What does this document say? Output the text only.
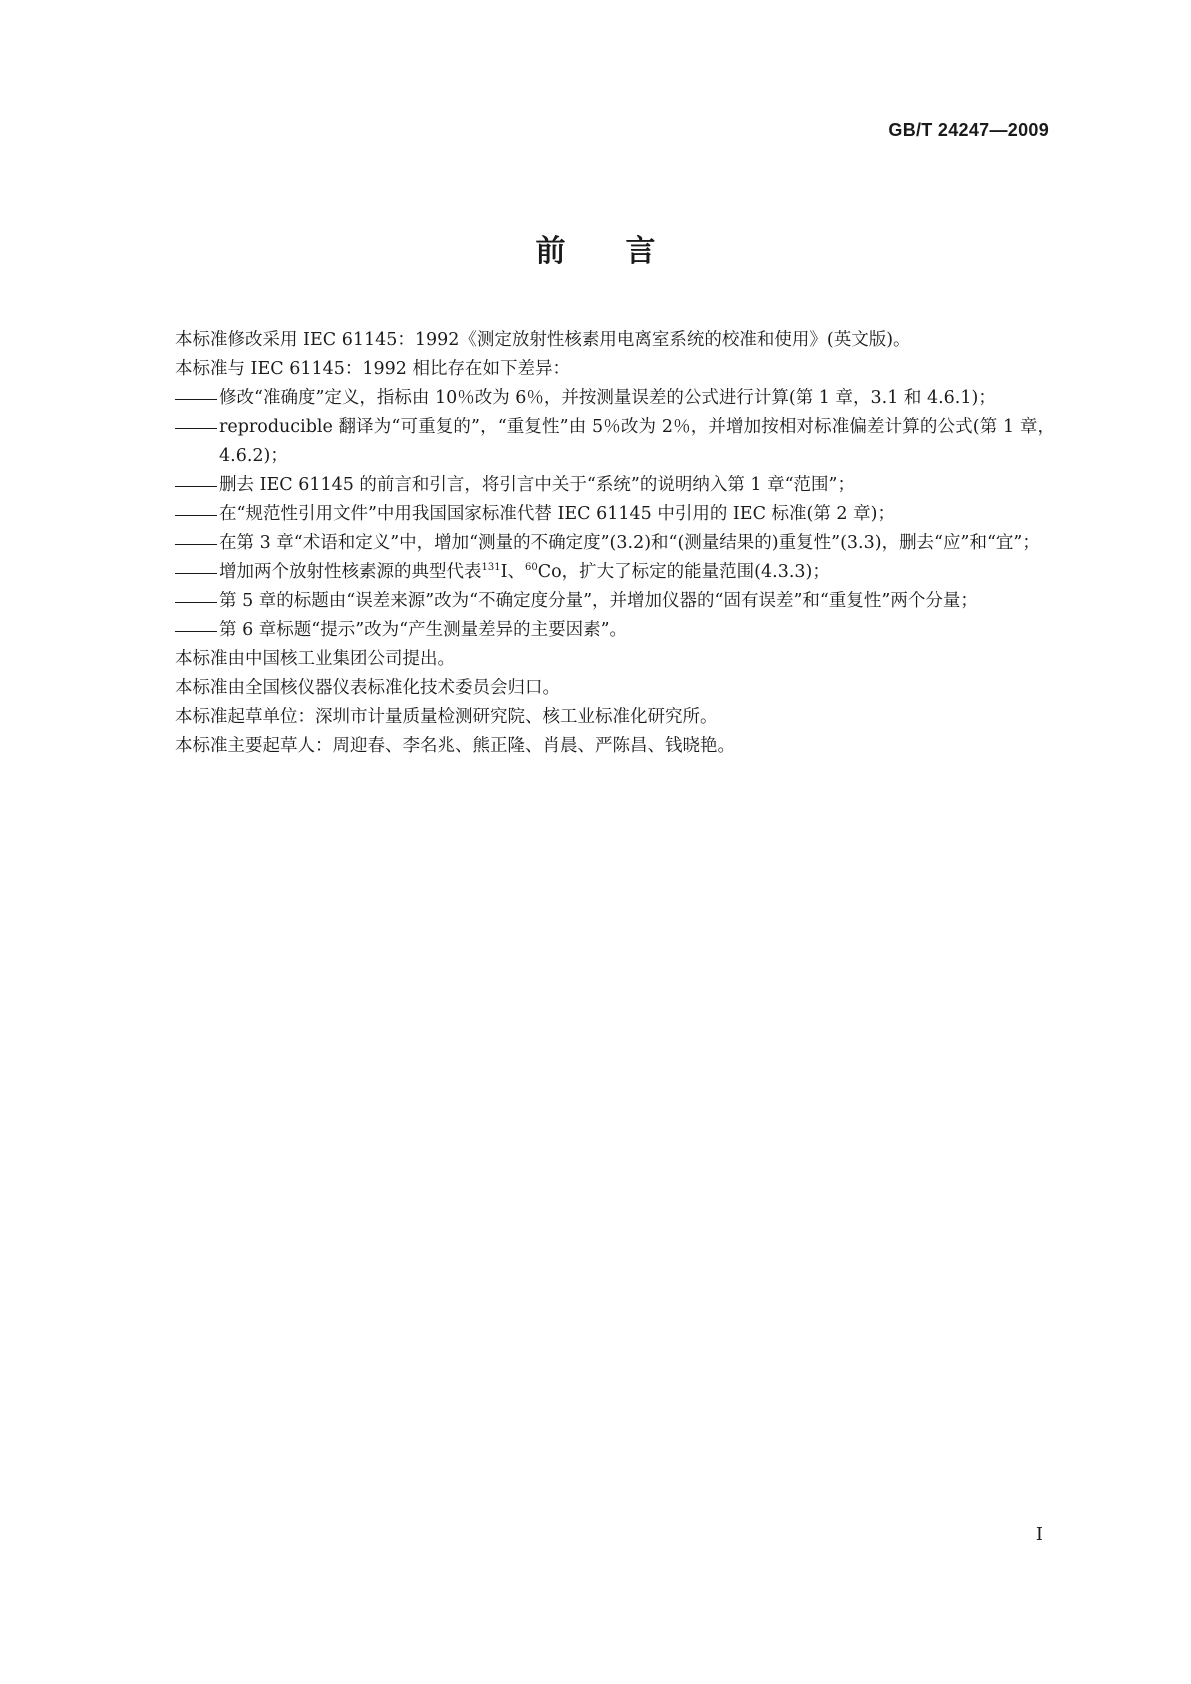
GB/T 24247—2009
前言

本标准修改采用 IEC 61145：1992《测定放射性核素用电离室系统的校准和使用》(英文版)。

本标准与 IEC 61145：1992 相比存在如下差异：

修改“准确度”定义，指标由 10％改为 6％，并按测量误差的公式进行计算(第 1 章，3.1 和 4.6.1)；
reproducible 翻译为“可重复的”，“重复性”由 5％改为 2％，并增加按相对标准偏差计算的公式(第 1 章，4.6.2)；
删去 IEC 61145 的前言和引言，将引言中关于“系统”的说明纳入第 1 章“范围”；
在“规范性引用文件”中用我国国家标准代替 IEC 61145 中引用的 IEC 标准(第 2 章)；
在第 3 章“术语和定义”中，增加“测量的不确定度”(3.2)和“(测量结果的)重复性”(3.3)，删去“应”和“宜”；
增加两个放射性核素源的典型代表$^{131}$I、$^{60}$Co，扩大了标定的能量范围(4.3.3)；
第 5 章的标题由“误差来源”改为“不确定度分量”，并增加仪器的“固有误差”和“重复性”两个分量；
第 6 章标题“提示”改为“产生测量差异的主要因素”。

本标准由中国核工业集团公司提出。

本标准由全国核仪器仪表标准化技术委员会归口。

本标准起草单位：深圳市计量质量检测研究院、核工业标准化研究所。

本标准主要起草人：周迎春、李名兆、熊正隆、肖晨、严陈昌、钱晓艳。

I
